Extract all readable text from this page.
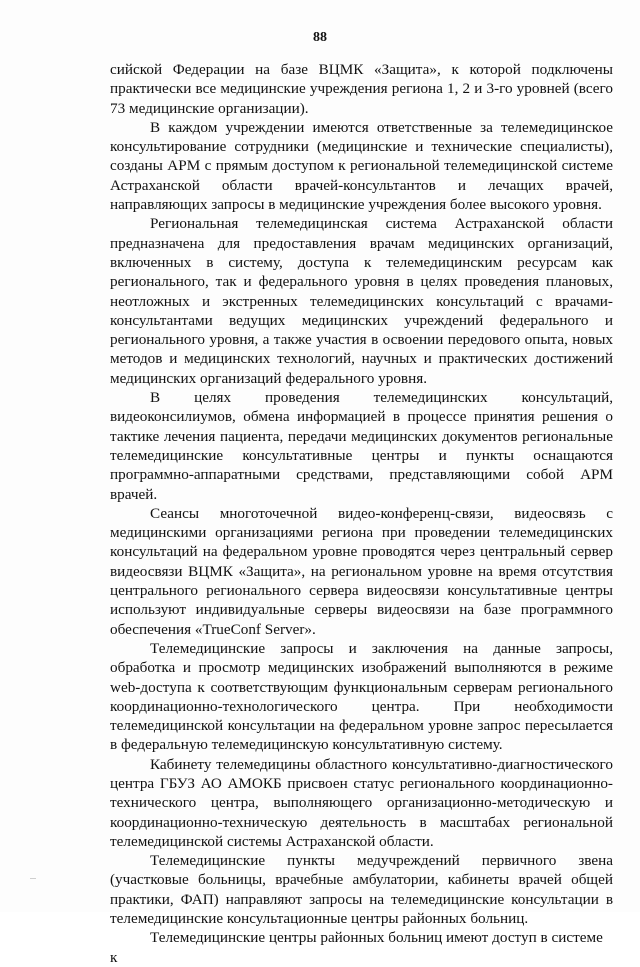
88

сийской Федерации на базе ВЦМК «Защита», к которой подключены практически все медицинские учреждения региона 1, 2 и 3-го уровней (всего 73 медицинские организации).

В каждом учреждении имеются ответственные за телемедицинское консультирование сотрудники (медицинские и технические специалисты), созданы АРМ с прямым доступом к региональной телемедицинской системе Астраханской области врачей-консультантов и лечащих врачей, направляющих запросы в медицинские учреждения более высокого уровня.

Региональная телемедицинская система Астраханской области предназначена для предоставления врачам медицинских организаций, включенных в систему, доступа к телемедицинским ресурсам как регионального, так и федерального уровня в целях проведения плановых, неотложных и экстренных телемедицинских консультаций с врачами-консультантами ведущих медицинских учреждений федерального и регионального уровня, а также участия в освоении передового опыта, новых методов и медицинских технологий, научных и практических достижений медицинских организаций федерального уровня.

В целях проведения телемедицинских консультаций, видеоконсилиумов, обмена информацией в процессе принятия решения о тактике лечения пациента, передачи медицинских документов региональные телемедицинские консультативные центры и пункты оснащаются программно-аппаратными средствами, представляющими собой АРМ врачей.

Сеансы многоточечной видео-конференц-связи, видеосвязь с медицинскими организациями региона при проведении телемедицинских консультаций на федеральном уровне проводятся через центральный сервер видеосвязи ВЦМК «Защита», на региональном уровне на время отсутствия центрального регионального сервера видеосвязи консультативные центры используют индивидуальные серверы видеосвязи на базе программного обеспечения «TrueConf Server».

Телемедицинские запросы и заключения на данные запросы, обработка и просмотр медицинских изображений выполняются в режиме web-доступа к соответствующим функциональным серверам регионального координационно-технологического центра. При необходимости телемедицинской консультации на федеральном уровне запрос пересылается в федеральную телемедицинскую консультативную систему.

Кабинету телемедицины областного консультативно-диагностического центра ГБУЗ АО АМОКБ присвоен статус регионального координационно-технического центра, выполняющего организационно-методическую и координационно-техническую деятельность в масштабах региональной телемедицинской системы Астраханской области.

Телемедицинские пункты медучреждений первичного звена (участковые больницы, врачебные амбулатории, кабинеты врачей общей практики, ФАП) направляют запросы на телемедицинские консультации в телемедицинские консультационные центры районных больниц.

Телемедицинские центры районных больниц имеют доступ в системе к
